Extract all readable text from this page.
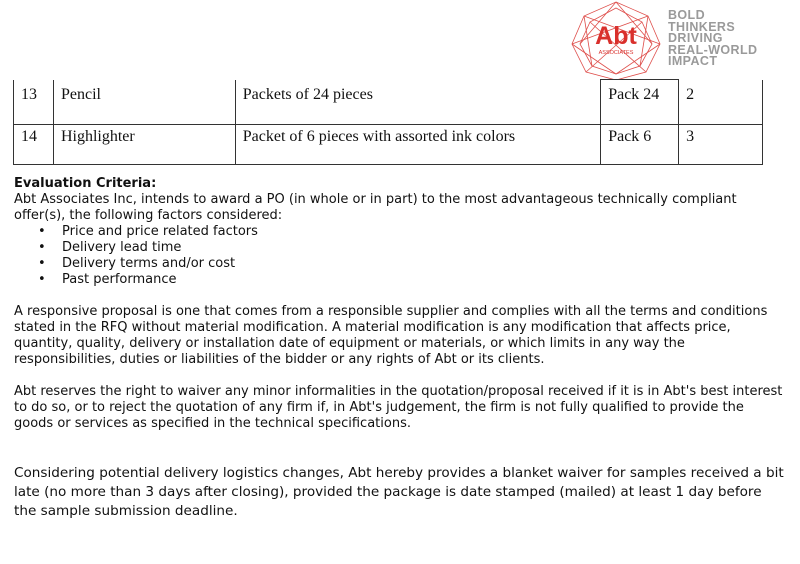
Abt
ASSOCIATES
BOLD
THINKERS
DRIVING
REAL-WORLD
IMPACT
13	Pencil	Packets of 24 pieces	Pack 24	2
14	Highlighter	Packet of 6 pieces with assorted ink colors	Pack 6	3
Evaluation Criteria:

Abt Associates Inc, intends to award a PO (in whole or in part) to the most advantageous technically compliant offer(s), the following factors considered:

• Price and price related factors
• Delivery lead time
• Delivery terms and/or cost
• Past performance

A responsive proposal is one that comes from a responsible supplier and complies with all the terms and conditions stated in the RFQ without material modification. A material modification is any modification that affects price, quantity, quality, delivery or installation date of equipment or materials, or which limits in any way the responsibilities, duties or liabilities of the bidder or any rights of Abt or its clients.

Abt reserves the right to waiver any minor informalities in the quotation/proposal received if it is in Abt's best interest to do so, or to reject the quotation of any firm if, in Abt's judgement, the firm is not fully qualified to provide the goods or services as specified in the technical specifications.

Considering potential delivery logistics changes, Abt hereby provides a blanket waiver for samples received a bit late (no more than 3 days after closing), provided the package is date stamped (mailed) at least 1 day before the sample submission deadline.
